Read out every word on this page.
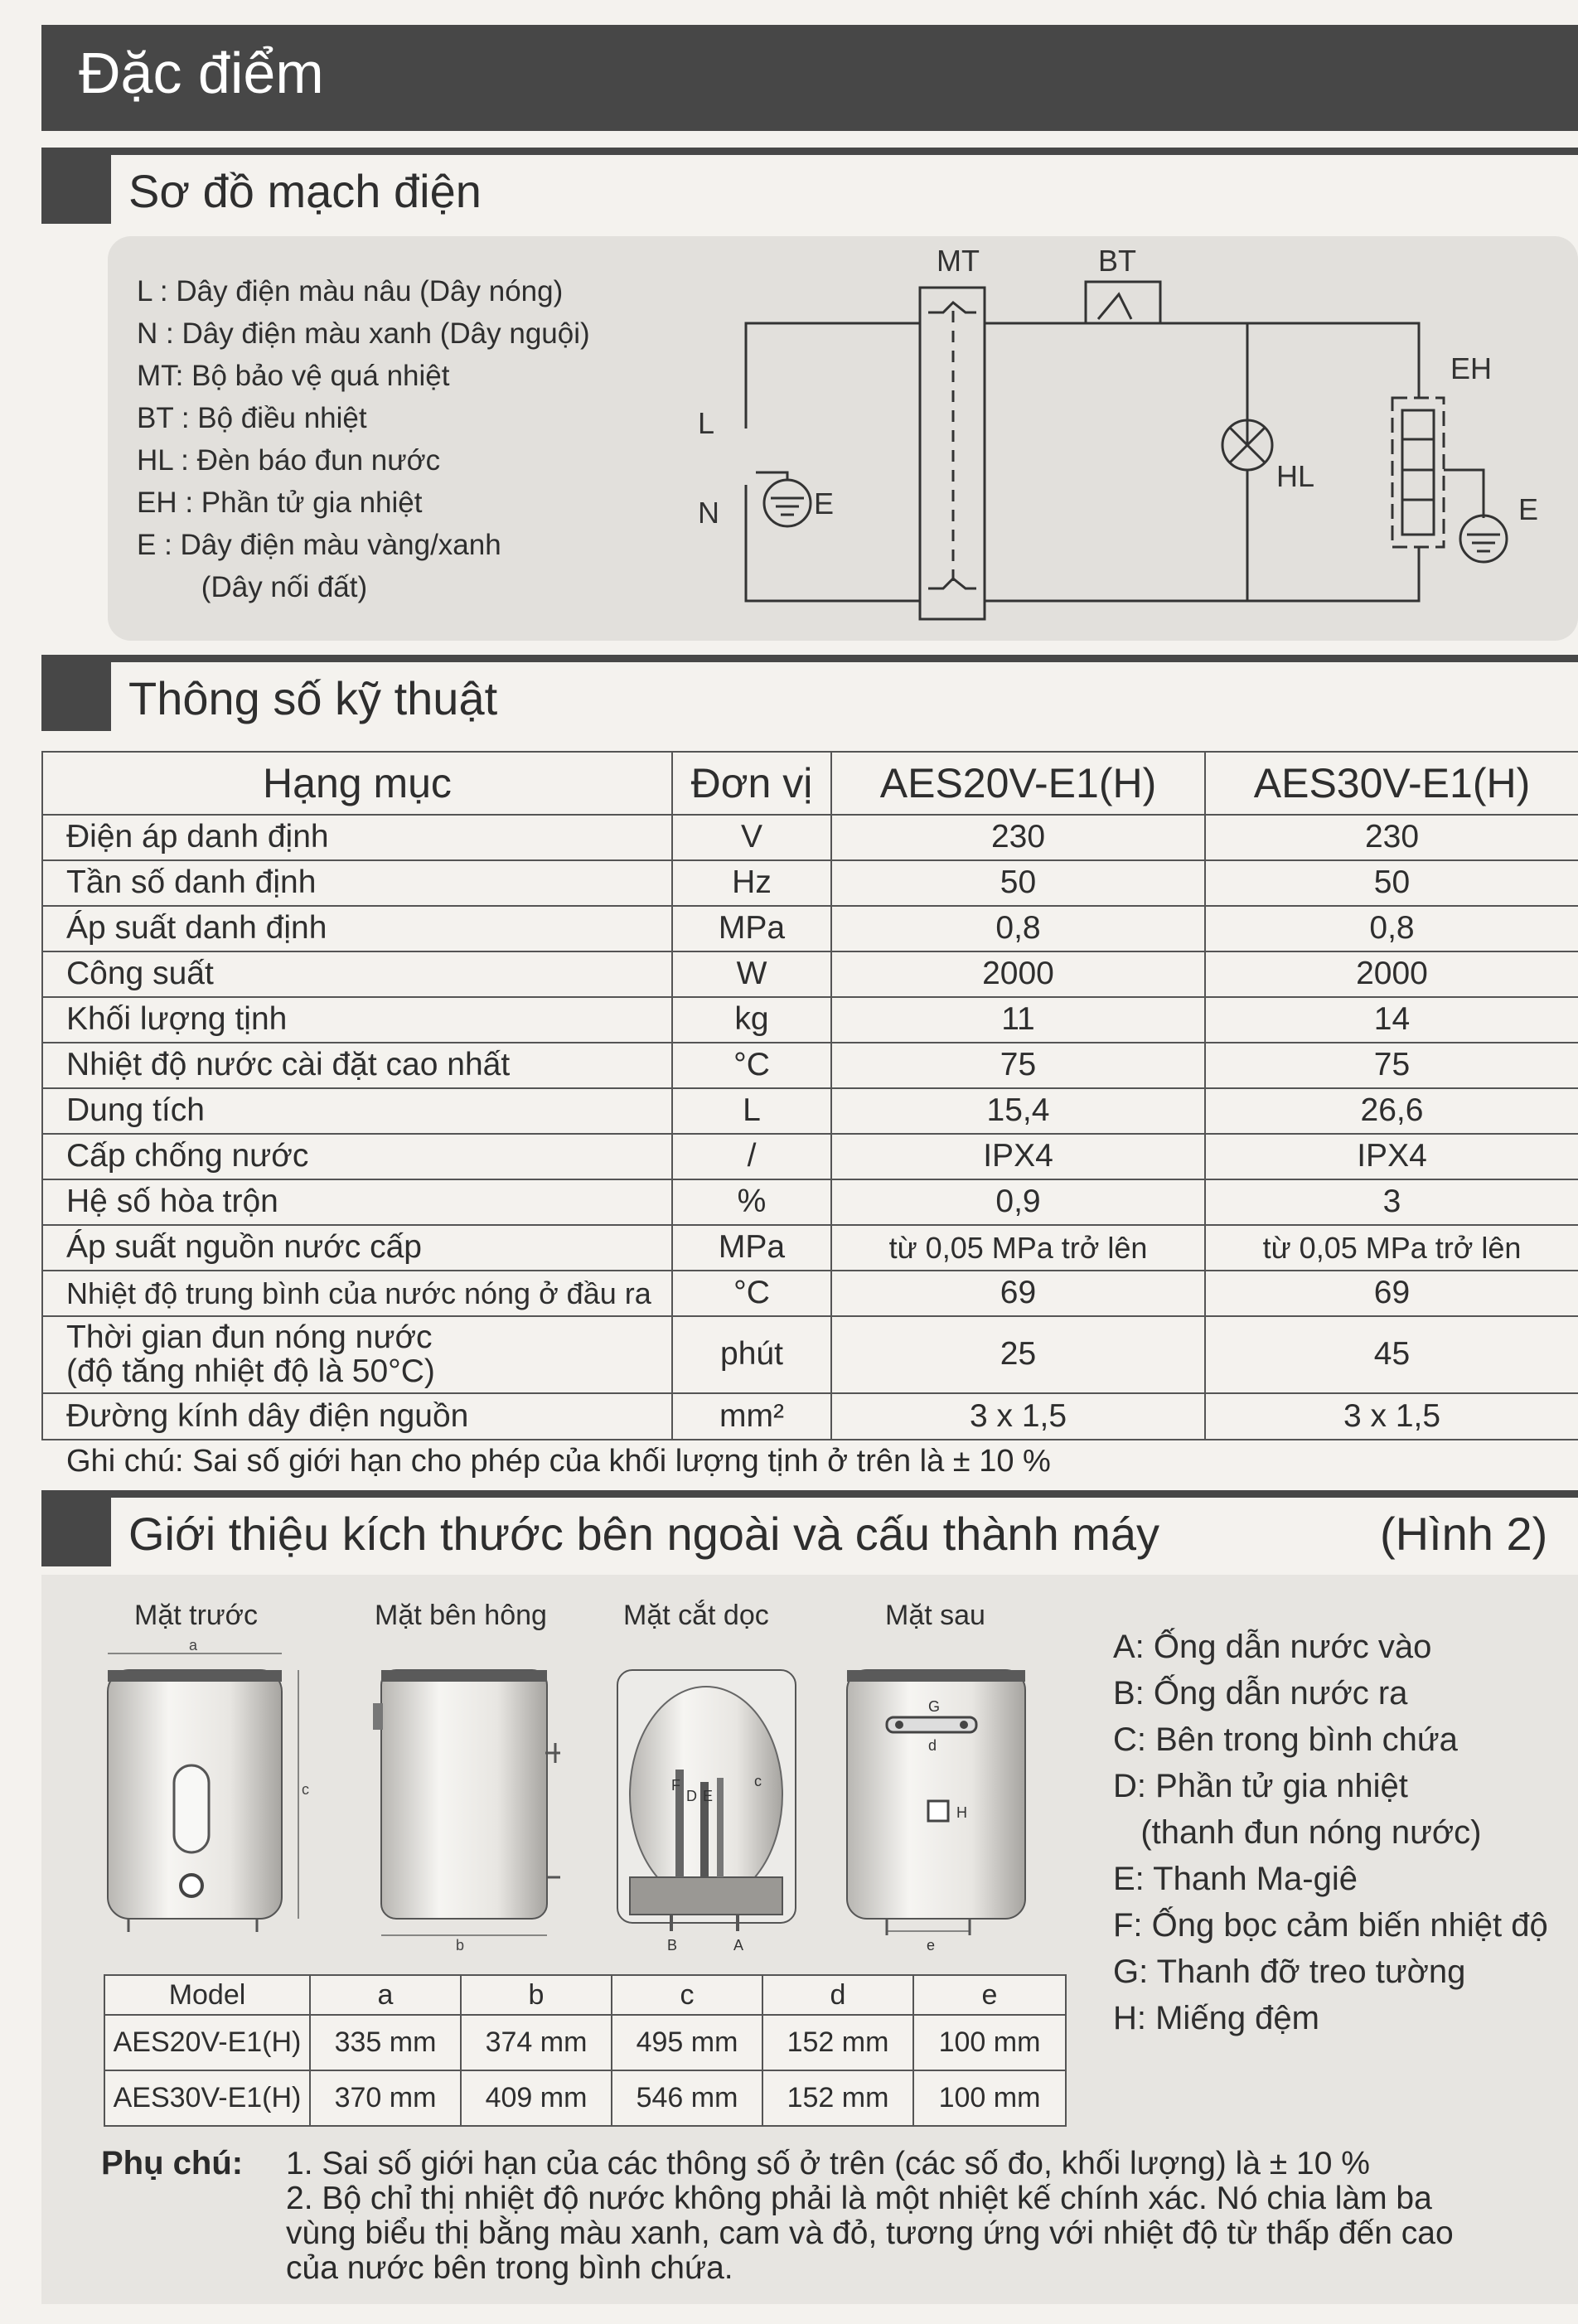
Đặc điểm
Sơ đồ mạch điện
L : Dây điện màu nâu (Dây nóng)
N : Dây điện màu xanh (Dây nguội)
MT: Bộ bảo vệ quá nhiệt
BT : Bộ điều nhiệt
HL : Đèn báo đun nước
EH : Phần tử gia nhiệt
E : Dây điện màu vàng/xanh
(Dây nối đất)
MT	BT
EH
HL
L
N	E	E
Thông số kỹ thuật
Hạng mục	Đơn vị	AES20V-E1(H)	AES30V-E1(H)
Điện áp danh định	V	230	230
Tần số danh định	Hz	50	50
Áp suất danh định	MPa	0,8	0,8
Công suất	W	2000	2000
Khối lượng tịnh	kg	11	14
Nhiệt độ nước cài đặt cao nhất	°C	75	75
Dung tích	L	15,4	26,6
Cấp chống nước	/	IPX4	IPX4
Hệ số hòa trộn	%	0,9	3
Áp suất nguồn nước cấp	MPa	từ 0,05 MPa trở lên	từ 0,05 MPa trở lên
Nhiệt độ trung bình của nước nóng ở đầu ra	°C	69	69
Thời gian đun nóng nước
(độ tăng nhiệt độ là 50°C)	phút	25	45
Đường kính dây điện nguồn	mm²	3 x 1,5	3 x 1,5
Ghi chú: Sai số giới hạn cho phép của khối lượng tịnh ở trên là ± 10 %
Giới thiệu kích thước bên ngoài và cấu thành máy	(Hình 2)
Mặt trước	Mặt bên hông	Mặt cắt dọc	Mặt sau
a
c
b
F
D E
c
B	A
G
d
H
e
A: Ống dẫn nước vào
B: Ống dẫn nước ra
C: Bên trong bình chứa
D: Phần tử gia nhiệt
(thanh đun nóng nước)
E: Thanh Ma-giê
F: Ống bọc cảm biến nhiệt độ
G: Thanh đỡ treo tường
H: Miếng đệm
Model	a	b	c	d	e
AES20V-E1(H)	335 mm	374 mm	495 mm	152 mm	100 mm
AES30V-E1(H)	370 mm	409 mm	546 mm	152 mm	100 mm
Phụ chú: 1. Sai số giới hạn của các thông số ở trên (các số đo, khối lượng) là ± 10 %
2. Bộ chỉ thị nhiệt độ nước không phải là một nhiệt kế chính xác. Nó chia làm ba
vùng biểu thị bằng màu xanh, cam và đỏ, tương ứng với nhiệt độ từ thấp đến cao
của nước bên trong bình chứa.
